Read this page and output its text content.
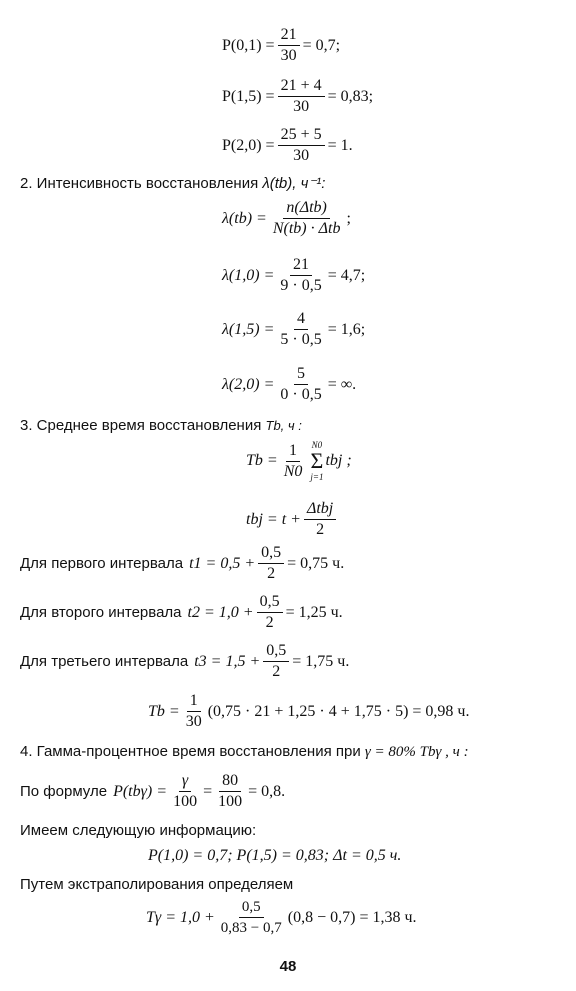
$P(0,1) = \frac{21}{30} = 0,7$;
$P(1,5) = \frac{21 + 4}{30} = 0,83$;
$P(2,0) = \frac{25 + 5}{30} = 1$.
2. Интенсивность восстановления λ(tb), ч⁻¹:
$\lambda(tb) = \frac{\text{n(Δtb)}}{\text{N(tb) · Δtb}}$ ;
$\lambda(1,0) = \frac{21}{9 \cdot 0,5} = 4,7$;
$\lambda(1,5) = \frac{4}{5 \cdot 0,5} = 1,6$;
$\lambda(2,0) = \frac{5}{0 \cdot 0,5}$ = ∞.
3. Среднее время восстановления Tb, ч :
$Tb = \frac{1}{N0} N0$
Σ
j=1
tbj ;
tbj = $t + \frac{\text{Δtbj}}{2}$
Для первого интервала $t1 = 0,5 + \frac{0,5}{2} = 0,75$ ч.
Для второго интервала $t2 = 1,0 + \frac{0,5}{2} = 1,25$ ч.
Для третьего интервала $t3 = 1,5 + \frac{0,5}{2} = 1,75$ ч.
$Tb = \frac{1}{30} (0,75 \cdot 21 + 1,25 \cdot 4 + 1,75 \cdot 5) = 0,98$ ч.
4. Гамма-процентное время восстановления при γ = 80% Tbγ , ч :
По формуле $P(tb\gamma) = \frac{\gamma}{100} = \frac{80}{100} = 0,8$.
Имеем следующую информацию:
P(1,0) = 0,7; P(1,5) = 0,83; Δt = 0,5 ч.
Путем экстраполирования определяем
$T\gamma = 1,0 + \frac{0,5}{0,83 - 0,7} (0,8 - 0,7) = 1,38$ ч.
48
